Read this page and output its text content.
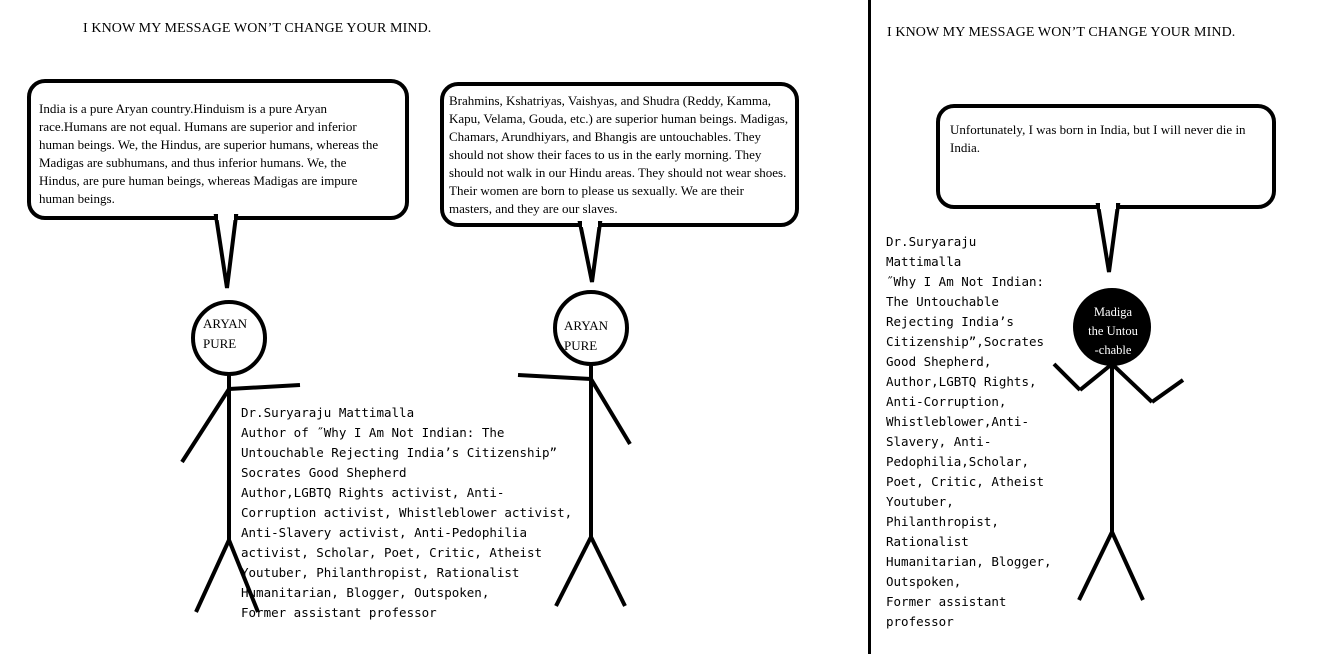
I KNOW MY MESSAGE WON’T CHANGE YOUR MIND.
India is a pure Aryan country.Hinduism is a pure Aryan race.Humans are not equal. Humans are superior and inferior human beings. We, the Hindus, are superior humans, whereas the Madigas are subhumans, and thus inferior humans. We, the Hindus, are pure human beings, whereas Madigas are impure human beings.
Brahmins, Kshatriyas, Vaishyas, and Shudra (Reddy, Kamma, Kapu, Velama, Gouda, etc.) are superior human beings. Madigas, Chamars, Arundhiyars, and Bhangis are untouchables. They should not show their faces to us in the early morning. They should not walk in our Hindu areas. They should not wear shoes. Their women are born to please us sexually. We are their masters, and they are our slaves.
ARYAN
PURE
ARYAN
PURE
Dr.Suryaraju Mattimalla
Author of ˝Why I Am Not Indian: The
Untouchable Rejecting India’s Citizenship”
Socrates Good Shepherd
Author,LGBTQ Rights activist, Anti-
Corruption activist, Whistleblower activist,
Anti-Slavery activist, Anti-Pedophilia
activist, Scholar, Poet, Critic, Atheist
Youtuber, Philanthropist, Rationalist
Humanitarian, Blogger, Outspoken,
Former assistant professor
I KNOW MY MESSAGE WON’T CHANGE YOUR MIND.
Unfortunately, I was born in India, but I will never die in India.
Madiga
the Untou
-chable
Dr.Suryaraju
Mattimalla
˝Why I Am Not Indian:
The Untouchable
Rejecting India’s
Citizenship”,Socrates
Good Shepherd,
Author,LGBTQ Rights,
Anti-Corruption,
Whistleblower,Anti-
Slavery, Anti-
Pedophilia,Scholar,
Poet, Critic, Atheist
Youtuber,
Philanthropist,
Rationalist
Humanitarian, Blogger,
Outspoken,
Former assistant
professor
